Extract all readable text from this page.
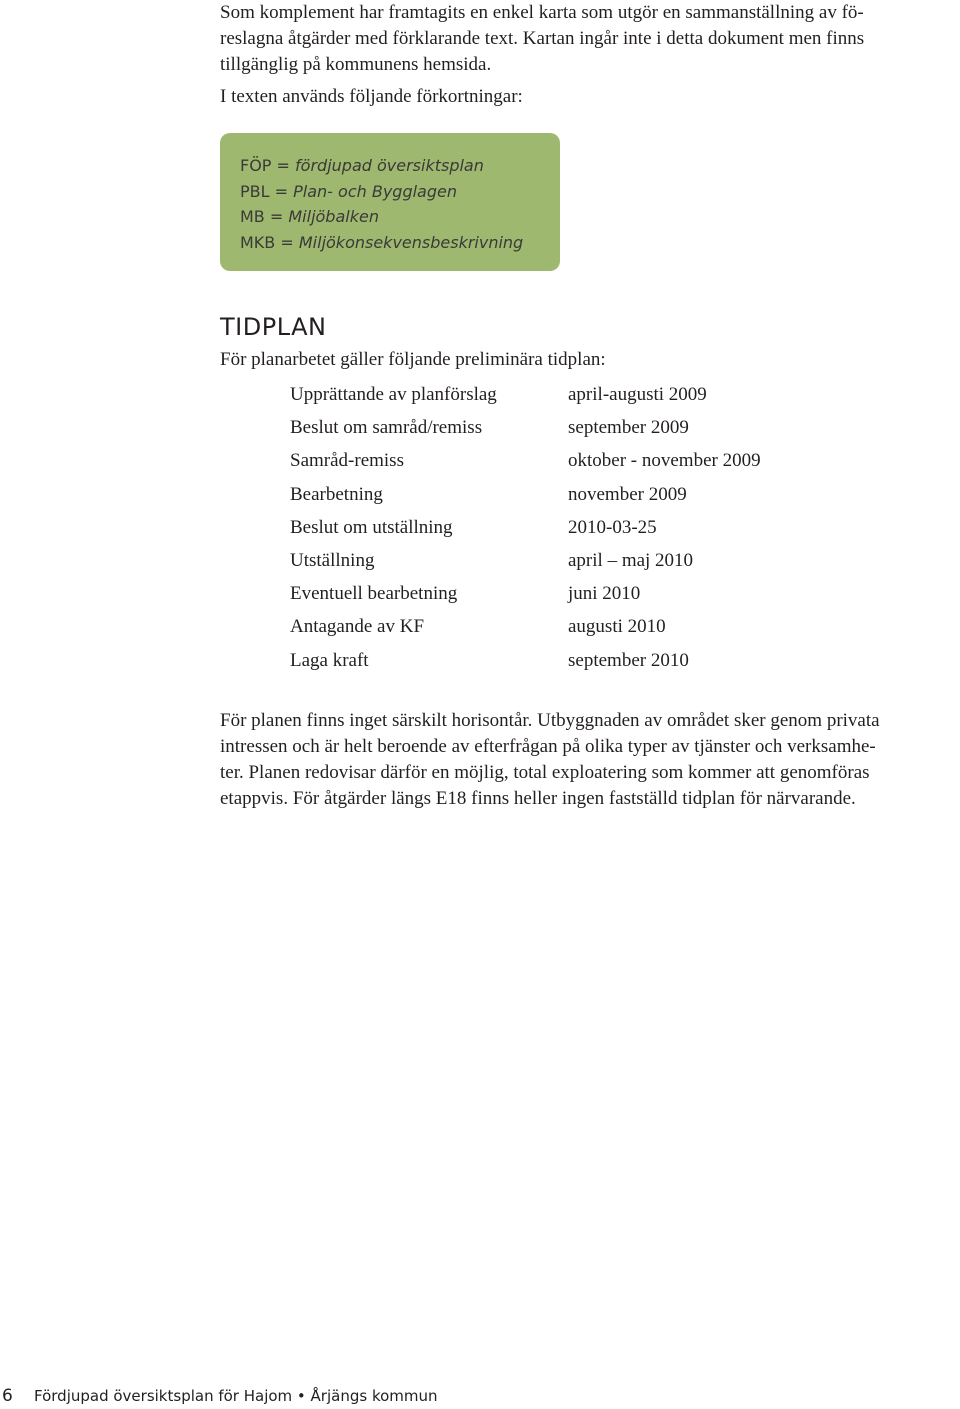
Som komplement har framtagits en enkel karta som utgör en sammanställning av fö-

reslagna åtgärder med förklarande text. Kartan ingår inte i detta dokument men finns

tillgänglig på kommunens hemsida.

I texten används följande förkortningar:

FÖP = fördjupad översiktsplan
PBL = Plan- och Bygglagen
MB = Miljöbalken
MKB = Miljökonsekvensbeskrivning
TIDPLAN

För planarbetet gäller följande preliminära tidplan:

Upprättande av planförslag	april-augusti 2009
Beslut om samråd/remiss	september 2009
Samråd-remiss	oktober - november 2009
Bearbetning	november 2009
Beslut om utställning	2010-03-25
Utställning	april – maj 2010
Eventuell bearbetning	juni 2010
Antagande av KF	augusti 2010
Laga kraft	september 2010
För planen finns inget särskilt horisontår. Utbyggnaden av området sker genom privata
intressen och är helt beroende av efterfrågan på olika typer av tjänster och verksamhe-
ter. Planen redovisar därför en möjlig, total exploatering som kommer att genomföras
etappvis. För åtgärder längs E18 finns heller ingen fastställd tidplan för närvarande.
6 Fördjupad översiktsplan för Hajom • Årjängs kommun
